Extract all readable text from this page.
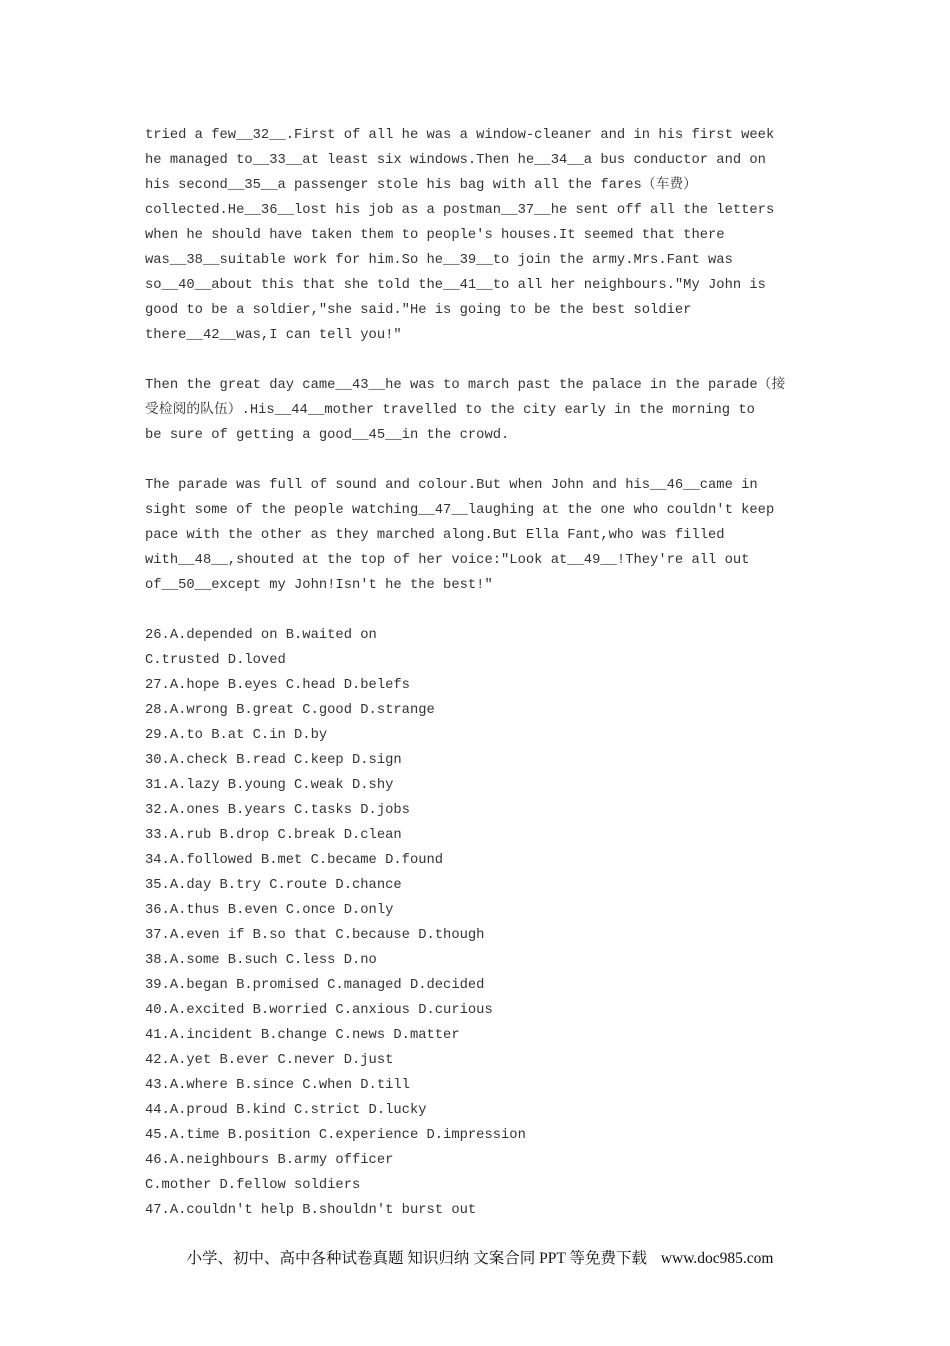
tried a few__32__.First of all he was a window-cleaner and in his first week
he managed to__33__at least six windows.Then he__34__a bus conductor and on
his second__35__a passenger stole his bag with all the fares（车费）
collected.He__36__lost his job as a postman__37__he sent off all the letters
when he should have taken them to people's houses.It seemed that there
was__38__suitable work for him.So he__39__to join the army.Mrs.Fant was
so__40__about this that she told the__41__to all her neighbours."My John is
good to be a soldier,"she said."He is going to be the best soldier
there__42__was,I can tell you!"
Then the great day came__43__he was to march past the palace in the parade（接
受检阅的队伍）.His__44__mother travelled to the city early in the morning to
be sure of getting a good__45__in the crowd.
The parade was full of sound and colour.But when John and his__46__came in
sight some of the people watching__47__laughing at the one who couldn't keep
pace with the other as they marched along.But Ella Fant,who was filled
with__48__,shouted at the top of her voice:"Look at__49__!They're all out
of__50__except my John!Isn't he the best!"
26.A.depended on B.waited on
C.trusted D.loved
27.A.hope B.eyes C.head D.belefs
28.A.wrong B.great C.good D.strange
29.A.to B.at C.in D.by
30.A.check B.read C.keep D.sign
31.A.lazy B.young C.weak D.shy
32.A.ones B.years C.tasks D.jobs
33.A.rub B.drop C.break D.clean
34.A.followed B.met C.became D.found
35.A.day B.try C.route D.chance
36.A.thus B.even C.once D.only
37.A.even if B.so that C.because D.though
38.A.some B.such C.less D.no
39.A.began B.promised C.managed D.decided
40.A.excited B.worried C.anxious D.curious
41.A.incident B.change C.news D.matter
42.A.yet B.ever C.never D.just
43.A.where B.since C.when D.till
44.A.proud B.kind C.strict D.lucky
45.A.time B.position C.experience D.impression
46.A.neighbours B.army officer
C.mother D.fellow soldiers
47.A.couldn't help B.shouldn't burst out
小学、初中、高中各种试卷真题 知识归纳 文案合同 PPT 等免费下载 www.doc985.com
